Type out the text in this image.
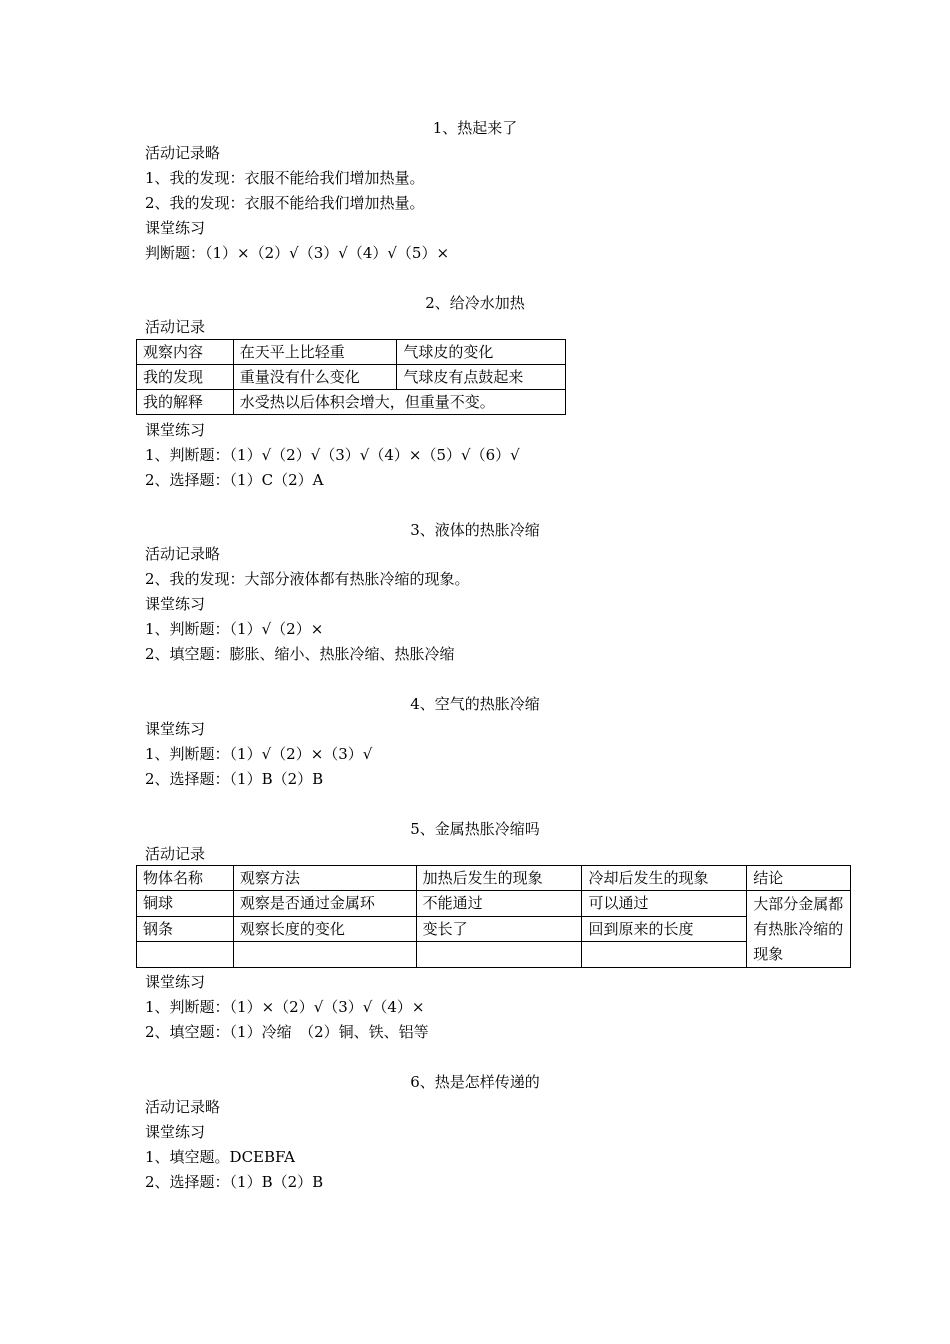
1、热起来了
活动记录略
1、我的发现：衣服不能给我们增加热量。
2、我的发现：衣服不能给我们增加热量。
课堂练习
判断题：（1）×（2）√（3）√（4）√（5）×
2、给冷水加热
活动记录
观察内容	在天平上比轻重	气球皮的变化
我的发现	重量没有什么变化	气球皮有点鼓起来
我的解释	水受热以后体积会增大，但重量不变。	
课堂练习
1、判断题：（1）√（2）√（3）√（4）×（5）√（6）√
2、选择题：（1）C（2）A
3、液体的热胀冷缩
活动记录略
2、我的发现：大部分液体都有热胀冷缩的现象。
课堂练习
1、判断题：（1）√（2）×
2、填空题：膨胀、缩小、热胀冷缩、热胀冷缩
4、空气的热胀冷缩
课堂练习
1、判断题：（1）√（2）×（3）√
2、选择题：（1）B（2）B
5、金属热胀冷缩吗
活动记录
物体名称	观察方法	加热后发生的现象	冷却后发生的现象	结论
铜球	观察是否通过金属环	不能通过	可以通过	大部分金属都有热胀冷缩的现象
钢条	观察长度的变化	变长了	回到原来的长度	

课堂练习
1、判断题：（1）×（2）√（3）√（4）×
2、填空题：（1）冷缩　（2）铜、铁、铝等
6、热是怎样传递的
活动记录略
课堂练习
1、填空题。DCEBFA
2、选择题：（1）B（2）B
